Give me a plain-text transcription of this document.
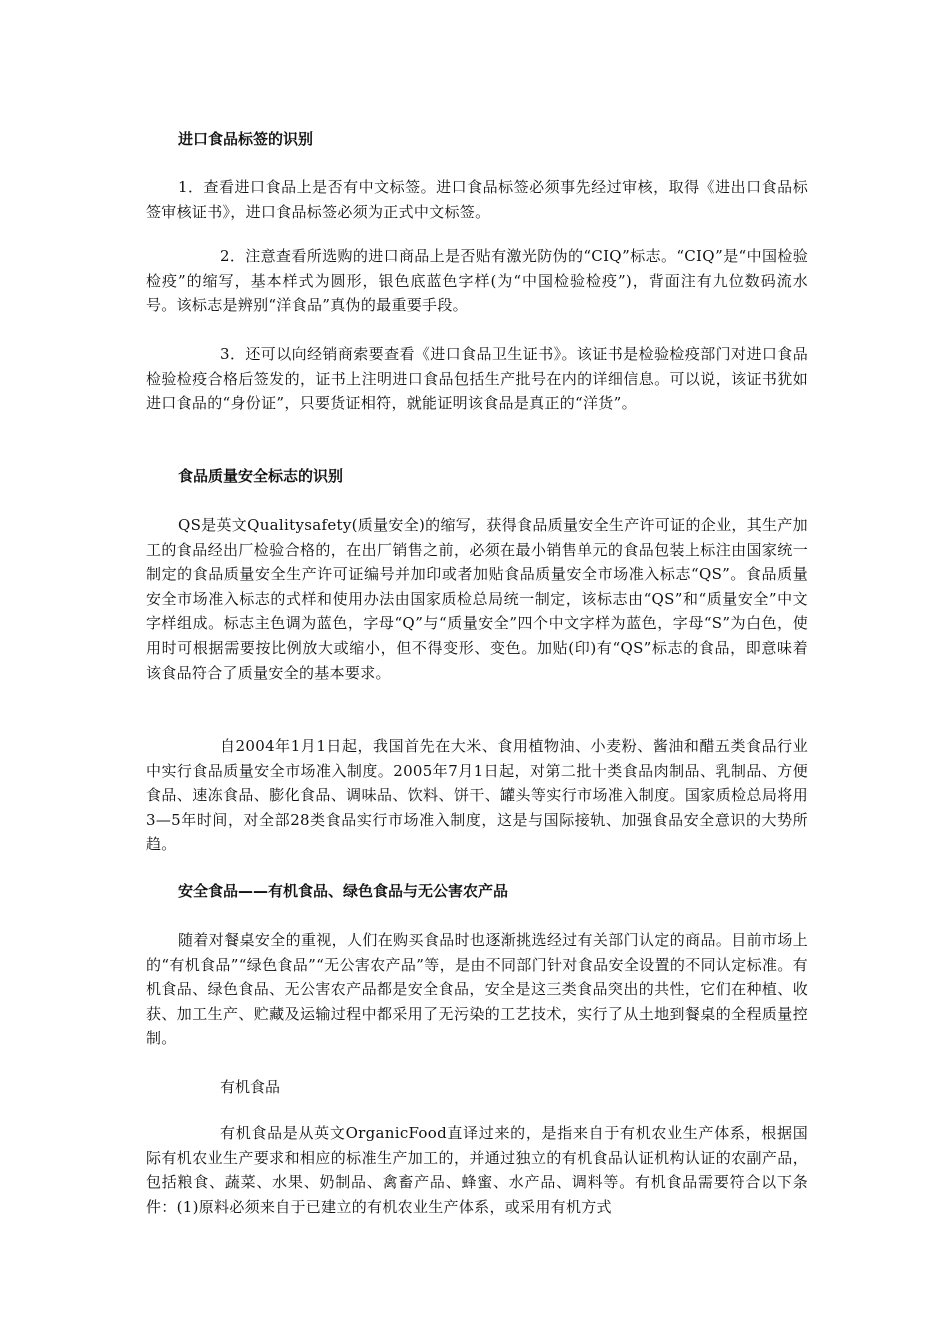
进口食品标签的识别

1．查看进口食品上是否有中文标签。进口食品标签必须事先经过审核，取得《进出口食品标签审核证书》，进口食品标签必须为正式中文标签。

2．注意查看所选购的进口商品上是否贴有激光防伪的“CIQ”标志。“CIQ”是“中国检验检疫”的缩写，基本样式为圆形，银色底蓝色字样(为“中国检验检疫”)，背面注有九位数码流水号。该标志是辨别“洋食品”真伪的最重要手段。

3．还可以向经销商索要查看《进口食品卫生证书》。该证书是检验检疫部门对进口食品检验检疫合格后签发的，证书上注明进口食品包括生产批号在内的详细信息。可以说，该证书犹如进口食品的“身份证”，只要货证相符，就能证明该食品是真正的“洋货”。

食品质量安全标志的识别

QS是英文Qualitysafety(质量安全)的缩写，获得食品质量安全生产许可证的企业，其生产加工的食品经出厂检验合格的，在出厂销售之前，必须在最小销售单元的食品包装上标注由国家统一制定的食品质量安全生产许可证编号并加印或者加贴食品质量安全市场准入标志“QS”。食品质量安全市场准入标志的式样和使用办法由国家质检总局统一制定，该标志由“QS”和“质量安全”中文字样组成。标志主色调为蓝色，字母“Q”与“质量安全”四个中文字样为蓝色，字母“S”为白色，使用时可根据需要按比例放大或缩小，但不得变形、变色。加贴(印)有“QS”标志的食品，即意味着该食品符合了质量安全的基本要求。

自2004年1月1日起，我国首先在大米、食用植物油、小麦粉、酱油和醋五类食品行业中实行食品质量安全市场准入制度。2005年7月1日起，对第二批十类食品肉制品、乳制品、方便食品、速冻食品、膨化食品、调味品、饮料、饼干、罐头等实行市场准入制度。国家质检总局将用3—5年时间，对全部28类食品实行市场准入制度，这是与国际接轨、加强食品安全意识的大势所趋。

安全食品——有机食品、绿色食品与无公害农产品

随着对餐桌安全的重视，人们在购买食品时也逐渐挑选经过有关部门认定的商品。目前市场上的“有机食品”“绿色食品”“无公害农产品”等，是由不同部门针对食品安全设置的不同认定标准。有机食品、绿色食品、无公害农产品都是安全食品，安全是这三类食品突出的共性，它们在种植、收获、加工生产、贮藏及运输过程中都采用了无污染的工艺技术，实行了从土地到餐桌的全程质量控制。

有机食品

有机食品是从英文OrganicFood直译过来的，是指来自于有机农业生产体系，根据国际有机农业生产要求和相应的标准生产加工的，并通过独立的有机食品认证机构认证的农副产品，包括粮食、蔬菜、水果、奶制品、禽畜产品、蜂蜜、水产品、调料等。有机食品需要符合以下条件：(1)原料必须来自于已建立的有机农业生产体系，或采用有机方式
